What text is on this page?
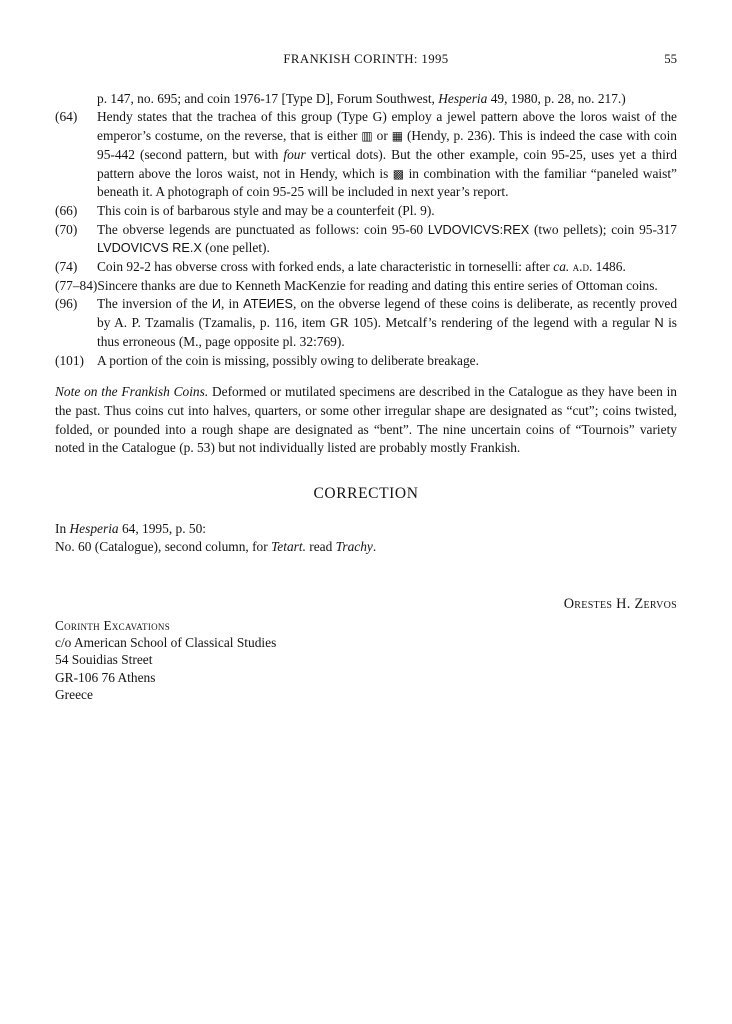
FRANKISH CORINTH: 1995	55

p. 147, no. 695; and coin 1976-17 [Type D], Forum Southwest, Hesperia 49, 1980, p. 28, no. 217.)

(64) Hendy states that the trachea of this group (Type G) employ a jewel pattern above the loros waist of the emperor’s costume, on the reverse, that is either ▥ or ▦ (Hendy, p. 236). This is indeed the case with coin 95-442 (second pattern, but with four vertical dots). But the other example, coin 95-25, uses yet a third pattern above the loros waist, not in Hendy, which is ▩ in combination with the familiar “paneled waist” beneath it. A photograph of coin 95-25 will be included in next year’s report.

(66) This coin is of barbarous style and may be a counterfeit (Pl. 9).

(70) The obverse legends are punctuated as follows: coin 95-60 LVDOVICVS:REX (two pellets); coin 95-317 LVDOVICVS RE.X (one pellet).

(74) Coin 92-2 has obverse cross with forked ends, a late characteristic in torneselli: after ca. a.d. 1486.

(77–84)Sincere thanks are due to Kenneth MacKenzie for reading and dating this entire series of Ottoman coins.

(96) The inversion of the И, in ATEИES, on the obverse legend of these coins is deliberate, as recently proved by A. P. Tzamalis (Tzamalis, p. 116, item GR 105). Metcalf’s rendering of the legend with a regular N is thus erroneous (M., page opposite pl. 32:769).

(101) A portion of the coin is missing, possibly owing to deliberate breakage.

Note on the Frankish Coins. Deformed or mutilated specimens are described in the Catalogue as they have been in the past. Thus coins cut into halves, quarters, or some other irregular shape are designated as “cut”; coins twisted, folded, or pounded into a rough shape are designated as “bent”. The nine uncertain coins of “Tournois” variety noted in the Catalogue (p. 53) but not individually listed are probably mostly Frankish.

CORRECTION

In Hesperia 64, 1995, p. 50:

No. 60 (Catalogue), second column, for Tetart. read Trachy.

Orestes H. Zervos

Corinth Excavations

c/o American School of Classical Studies

54 Souidias Street

GR-106 76 Athens

Greece
